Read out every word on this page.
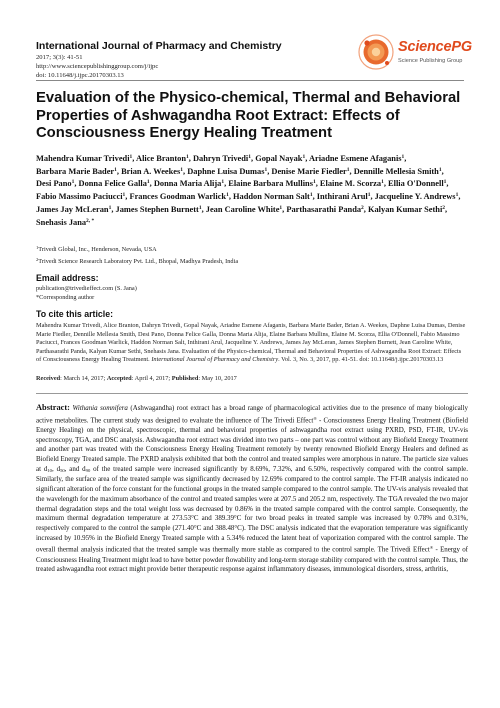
International Journal of Pharmacy and Chemistry
2017; 3(3): 41-51
http://www.sciencepublishinggroup.com/j/ijpc
doi: 10.11648/j.ijpc.20170303.13
SciencePG
Science Publishing Group
Evaluation of the Physico-chemical, Thermal and Behavioral Properties of Ashwagandha Root Extract: Effects of Consciousness Energy Healing Treatment
Mahendra Kumar Trivedi$^1$, Alice Branton$^1$, Dahryn Trivedi$^1$, Gopal Nayak$^1$, Ariadne Esmene Afaganis$^1$, Barbara Marie Bader$^1$, Brian A. Weekes$^1$, Daphne Luisa Dumas$^1$, Denise Marie Fiedler$^1$, Dennille Mellesia Smith$^1$, Desi Pano$^1$, Donna Felice Galla$^1$, Donna Maria Alija$^1$, Elaine Barbara Mullins$^1$, Elaine M. Scorza$^1$, Ellia O'Donnell$^1$, Fabio Massimo Paciucci$^1$, Frances Goodman Warlick$^1$, Haddon Norman Salt$^1$, Inthirani Arul$^1$, Jacqueline Y. Andrews$^1$, James Jay McLeran$^1$, James Stephen Burnett$^1$, Jean Caroline White$^1$, Parthasarathi Panda$^2$, Kalyan Kumar Sethi$^2$, Snehasis Jana$^{2, *}$
$^1$Trivedi Global, Inc., Henderson, Nevada, USA
$^2$Trivedi Science Research Laboratory Pvt. Ltd., Bhopal, Madhya Pradesh, India
Email address:
publication@trivedieffect.com (S. Jana)
*Corresponding author
To cite this article:
Mahendra Kumar Trivedi, Alice Branton, Dahryn Trivedi, Gopal Nayak, Ariadne Esmene Afaganis, Barbara Marie Bader, Brian A. Weekes, Daphne Luisa Dumas, Denise Marie Fiedler, Dennille Mellesia Smith, Desi Pano, Donna Felice Galla, Donna Maria Alija, Elaine Barbara Mullins, Elaine M. Scorza, Ellia O'Donnell, Fabio Massimo Paciucci, Frances Goodman Warlick, Haddon Norman Salt, Inthirani Arul, Jacqueline Y. Andrews, James Jay McLeran, James Stephen Burnett, Jean Caroline White, Parthasarathi Panda, Kalyan Kumar Sethi, Snehasis Jana. Evaluation of the Physico-chemical, Thermal and Behavioral Properties of Ashwagandha Root Extract: Effects of Consciousness Energy Healing Treatment. International Journal of Pharmacy and Chemistry. Vol. 3, No. 3, 2017, pp. 41-51. doi: 10.11648/j.ijpc.20170303.13
Received: March 14, 2017; Accepted: April 4, 2017; Published: May 10, 2017
Abstract: Withania somnifera (Ashwagandha) root extract has a broad range of pharmacological activities due to the presence of many biologically active metabolites. The current study was designed to evaluate the influence of The Trivedi Effect® - Consciousness Energy Healing Treatment (Biofield Energy Healing) on the physical, spectroscopic, thermal and behavioral properties of ashwagandha root extract using PXRD, PSD, FT-IR, UV-vis spectroscopy, TGA, and DSC analysis. Ashwagandha root extract was divided into two parts – one part was control without any Biofield Energy Treatment and another part was treated with the Consciousness Energy Healing Treatment remotely by twenty renowned Biofield Energy Healers and defined as Biofield Energy Treated sample. The PXRD analysis exhibited that both the control and treated samples were amorphous in nature. The particle size values at $d_{10}$, $d_{50}$, and $d_{90}$ of the treated sample were increased significantly by 8.69%, 7.32%, and 6.50%, respectively compared with the control sample. Similarly, the surface area of the treated sample was significantly decreased by 12.69% compared to the control sample. The FT-IR analysis indicated no significant alteration of the force constant for the functional groups in the treated sample compared to the control sample. The UV-vis analysis revealed that the wavelength for the maximum absorbance of the control and treated samples were at 207.5 and 205.2 nm, respectively. The TGA revealed the two major thermal degradation steps and the total weight loss was decreased by 0.86% in the treated sample compared with the control sample. Consequently, the maximum thermal degradation temperature at 273.53°C and 389.39°C for two broad peaks in treated sample was increased by 0.78% and 0.31%, respectively compared to the control the sample (271.40°C and 388.48°C). The DSC analysis indicated that the evaporation temperature was significantly increased by 10.95% in the Biofield Energy Treated sample with a 5.34% reduced the latent heat of vaporization compared with the control sample. The overall thermal analysis indicated that the treated sample was thermally more stable as compared to the control sample. The Trivedi Effect® - Energy of Consciousness Healing Treatment might lead to have better powder flowability and long-term storage stability compared with the control sample. Thus, the treated ashwagandha root extract might provide better therapeutic response against inflammatory diseases, immunological disorders, stress, arthritis,
